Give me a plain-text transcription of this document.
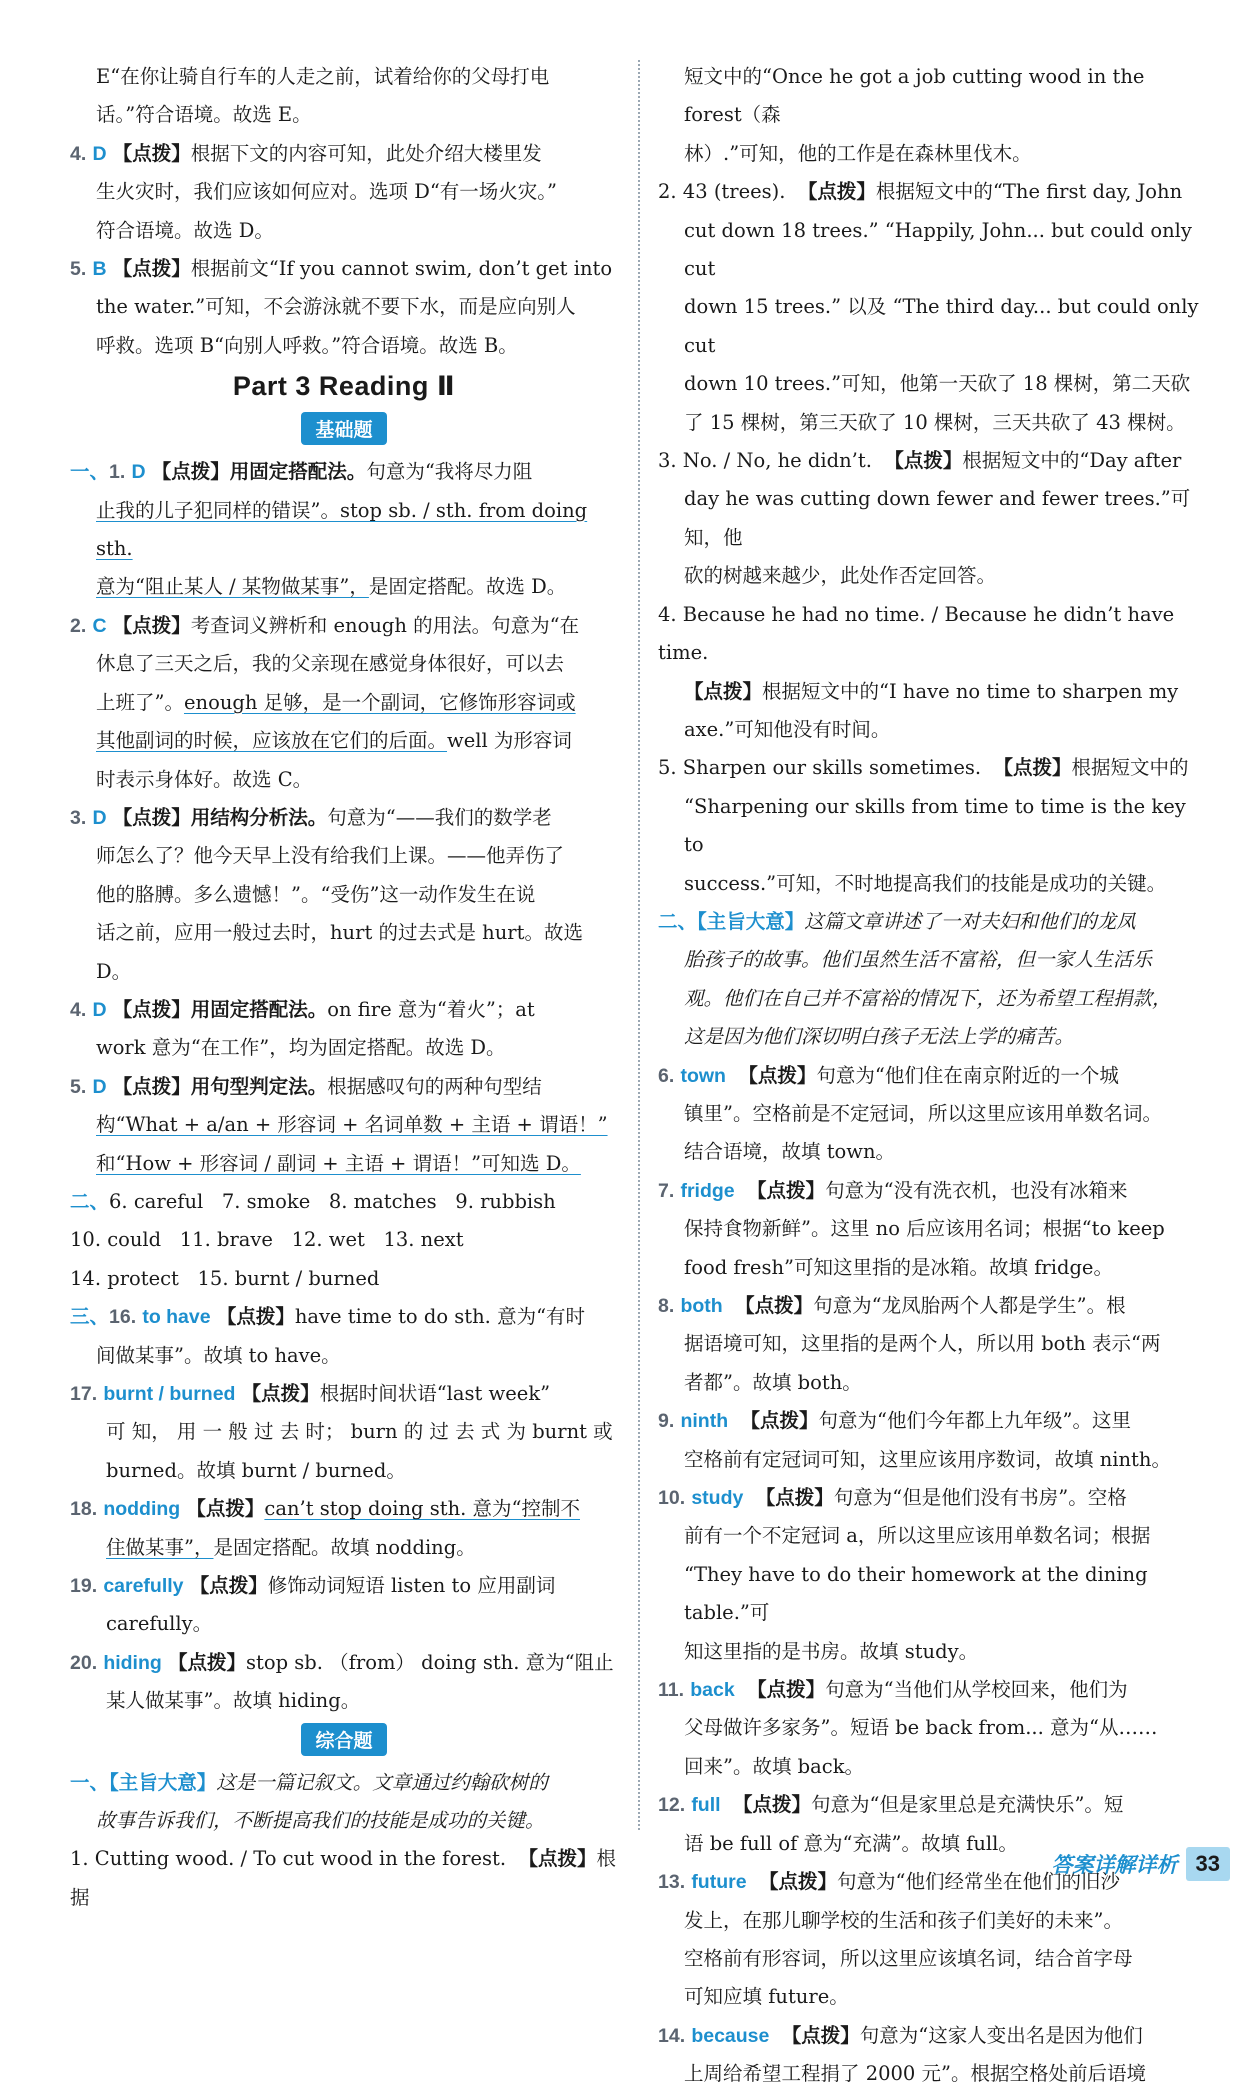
E“在你让骑自行车的人走之前，试着给你的父母打电

话。”符合语境。故选 E。

4. D 【点拨】根据下文的内容可知，此处介绍大楼里发

生火灾时，我们应该如何应对。选项 D“有一场火灾。”

符合语境。故选 D。

5. B 【点拨】根据前文“If you cannot swim, don’t get into

the water.”可知，不会游泳就不要下水，而是应向别人

呼救。选项 B“向别人呼救。”符合语境。故选 B。

Part 3 Reading Ⅱ
基础题

一、1. D 【点拨】用固定搭配法。句意为“我将尽力阻

止我的儿子犯同样的错误”。stop sb. / sth. from doing sth.

意为“阻止某人 / 某物做某事”，是固定搭配。故选 D。

2. C 【点拨】考查词义辨析和 enough 的用法。句意为“在

休息了三天之后，我的父亲现在感觉身体很好，可以去

上班了”。enough 足够，是一个副词，它修饰形容词或

其他副词的时候，应该放在它们的后面。well 为形容词

时表示身体好。故选 C。

3. D 【点拨】用结构分析法。句意为“——我们的数学老

师怎么了？他今天早上没有给我们上课。——他弄伤了

他的胳膊。多么遗憾！”。“受伤”这一动作发生在说

话之前，应用一般过去时，hurt 的过去式是 hurt。故选 D。

4. D 【点拨】用固定搭配法。on fire 意为“着火”；at

work 意为“在工作”，均为固定搭配。故选 D。

5. D 【点拨】用句型判定法。根据感叹句的两种句型结

构“What + a/an + 形容词 + 名词单数 + 主语 + 谓语！”

和“How + 形容词 / 副词 + 主语 + 谓语！”可知选 D。

二、6. careful 7. smoke 8. matches 9. rubbish

10. could 11. brave 12. wet 13. next

14. protect 15. burnt / burned

三、16. to have 【点拨】have time to do sth. 意为“有时

间做某事”。故填 to have。

17. burnt / burned 【点拨】根据时间状语“last week”

可 知， 用 一 般 过 去 时； burn 的 过 去 式 为 burnt 或

burned。故填 burnt / burned。

18. nodding 【点拨】can’t stop doing sth. 意为“控制不

住做某事”，是固定搭配。故填 nodding。

19. carefully 【点拨】修饰动词短语 listen to 应用副词

carefully。

20. hiding 【点拨】stop sb. （from） doing sth. 意为“阻止

某人做某事”。故填 hiding。

综合题

一、【主旨大意】这是一篇记叙文。文章通过约翰砍树的

故事告诉我们，不断提高我们的技能是成功的关键。

1. Cutting wood. / To cut wood in the forest. 【点拨】根据

短文中的“Once he got a job cutting wood in the forest（森

林）.”可知，他的工作是在森林里伐木。

2. 43 (trees). 【点拨】根据短文中的“The first day, John

cut down 18 trees.” “Happily, John... but could only cut

down 15 trees.” 以及 “The third day... but could only cut

down 10 trees.”可知，他第一天砍了 18 棵树，第二天砍

了 15 棵树，第三天砍了 10 棵树，三天共砍了 43 棵树。

3. No. / No, he didn’t. 【点拨】根据短文中的“Day after

day he was cutting down fewer and fewer trees.”可知，他

砍的树越来越少，此处作否定回答。

4. Because he had no time. / Because he didn’t have time.

【点拨】根据短文中的“I have no time to sharpen my

axe.”可知他没有时间。

5. Sharpen our skills sometimes. 【点拨】根据短文中的

“Sharpening our skills from time to time is the key to

success.”可知，不时地提高我们的技能是成功的关键。

二、【主旨大意】这篇文章讲述了一对夫妇和他们的龙凤

胎孩子的故事。他们虽然生活不富裕，但一家人生活乐

观。他们在自己并不富裕的情况下，还为希望工程捐款，

这是因为他们深切明白孩子无法上学的痛苦。

6. town 【点拨】句意为“他们住在南京附近的一个城

镇里”。空格前是不定冠词，所以这里应该用单数名词。

结合语境，故填 town。

7. fridge 【点拨】句意为“没有洗衣机，也没有冰箱来

保持食物新鲜”。这里 no 后应该用名词；根据“to keep

food fresh”可知这里指的是冰箱。故填 fridge。

8. both 【点拨】句意为“龙凤胎两个人都是学生”。根

据语境可知，这里指的是两个人，所以用 both 表示“两

者都”。故填 both。

9. ninth 【点拨】句意为“他们今年都上九年级”。这里

空格前有定冠词可知，这里应该用序数词，故填 ninth。

10. study 【点拨】句意为“但是他们没有书房”。空格

前有一个不定冠词 a，所以这里应该用单数名词；根据

“They have to do their homework at the dining table.”可

知这里指的是书房。故填 study。

11. back 【点拨】句意为“当他们从学校回来，他们为

父母做许多家务”。短语 be back from... 意为“从……

回来”。故填 back。

12. full 【点拨】句意为“但是家里总是充满快乐”。短

语 be full of 意为“充满”。故填 full。

13. future 【点拨】句意为“他们经常坐在他们的旧沙

发上，在那儿聊学校的生活和孩子们美好的未来”。

空格前有形容词，所以这里应该填名词，结合首字母

可知应填 future。

14. because 【点拨】句意为“这家人变出名是因为他们

上周给希望工程捐了 2000 元”。根据空格处前后语境

答案详解详析 33
